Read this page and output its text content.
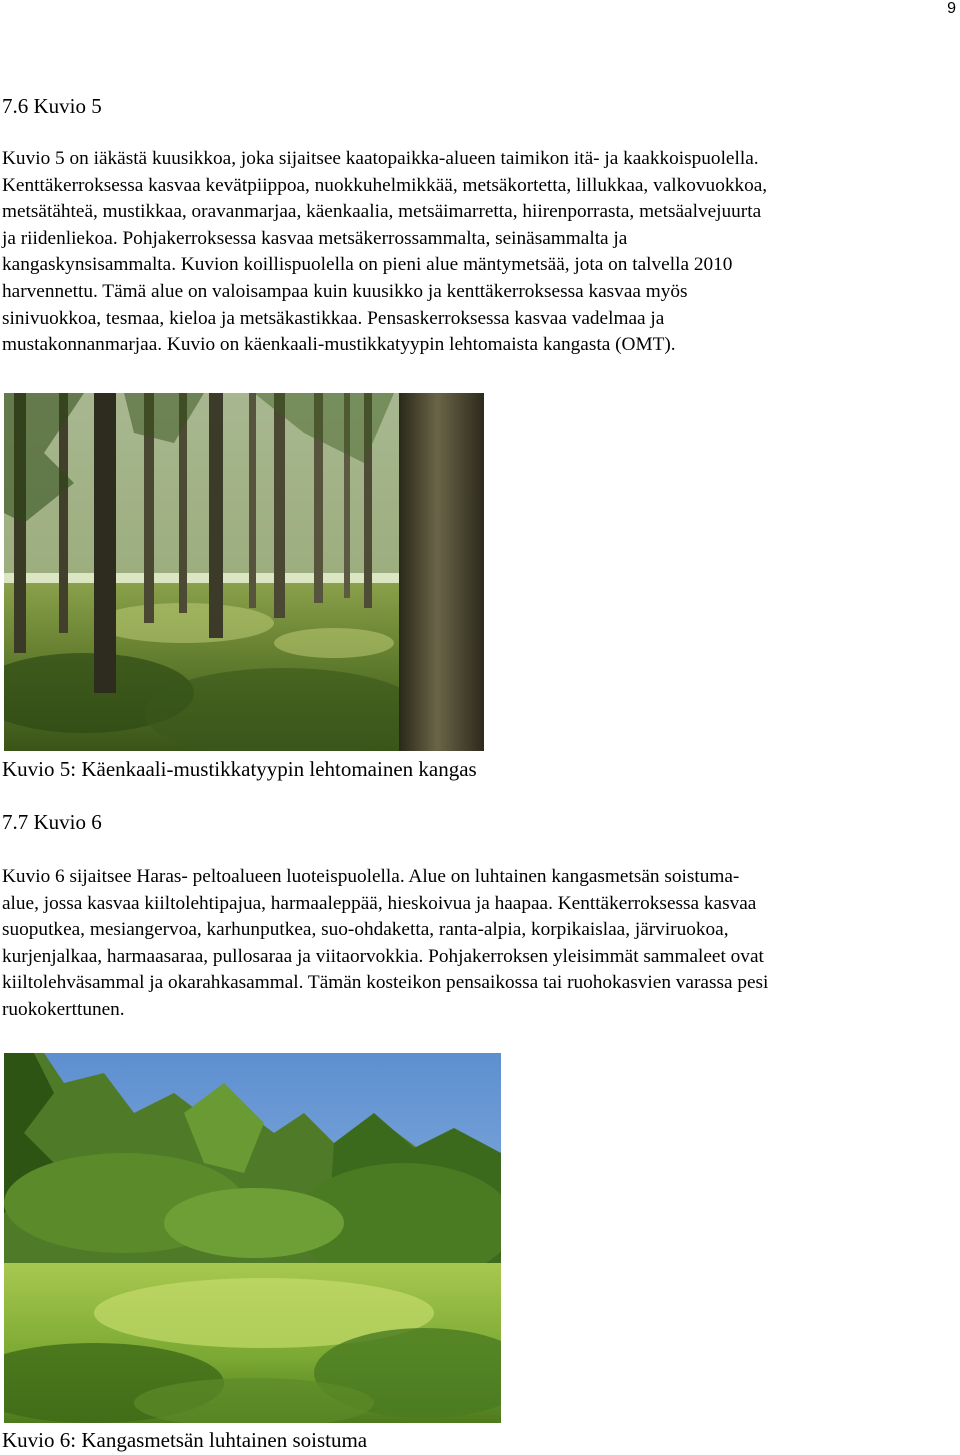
9
7.6 Kuvio 5
Kuvio 5 on iäkästä kuusikkoa, joka sijaitsee kaatopaikka-alueen taimikon itä- ja kaakkoispuolella.
Kenttäkerroksessa kasvaa kevätpiippoa, nuokkuhelmikkää, metsäkortetta, lillukkaa, valkovuokkoa,
metsätähteä, mustikkaa, oravanmarjaa, käenkaalia, metsäimarretta, hiirenporrasta, metsäalvejuurta
ja riidenliekoa. Pohjakerroksessa kasvaa metsäkerrossammalta, seinäsammalta ja
kangaskynsisammalta. Kuvion koillispuolella on pieni alue mäntymetsää, jota on talvella 2010
harvennettu. Tämä alue on valoisampaa kuin kuusikko ja kenttäkerroksessa kasvaa myös
sinivuokkoa, tesmaa, kieloa ja metsäkastikkaa. Pensaskerroksessa kasvaa vadelmaa ja
mustakonnanmarjaa. Kuvio on käenkaali-mustikkatyypin lehtomaista kangasta (OMT).
Kuvio 5: Käenkaali-mustikkatyypin lehtomainen kangas
7.7 Kuvio 6
Kuvio 6 sijaitsee Haras- peltoalueen luoteispuolella. Alue on luhtainen kangasmetsän soistuma-
alue, jossa kasvaa kiiltolehtipajua, harmaaleppää, hieskoivua ja haapaa. Kenttäkerroksessa kasvaa
suoputkea, mesiangervoa, karhunputkea, suo-ohdaketta, ranta-alpia, korpikaislaa, järviruokoa,
kurjenjalkaa, harmaasaraa, pullosaraa ja viitaorvokkia. Pohjakerroksen yleisimmät sammaleet ovat
kiiltolehväsammal ja okarahkasammal. Tämän kosteikon pensaikossa tai ruohokasvien varassa pesi
ruokokerttunen.
Kuvio 6: Kangasmetsän luhtainen soistuma
